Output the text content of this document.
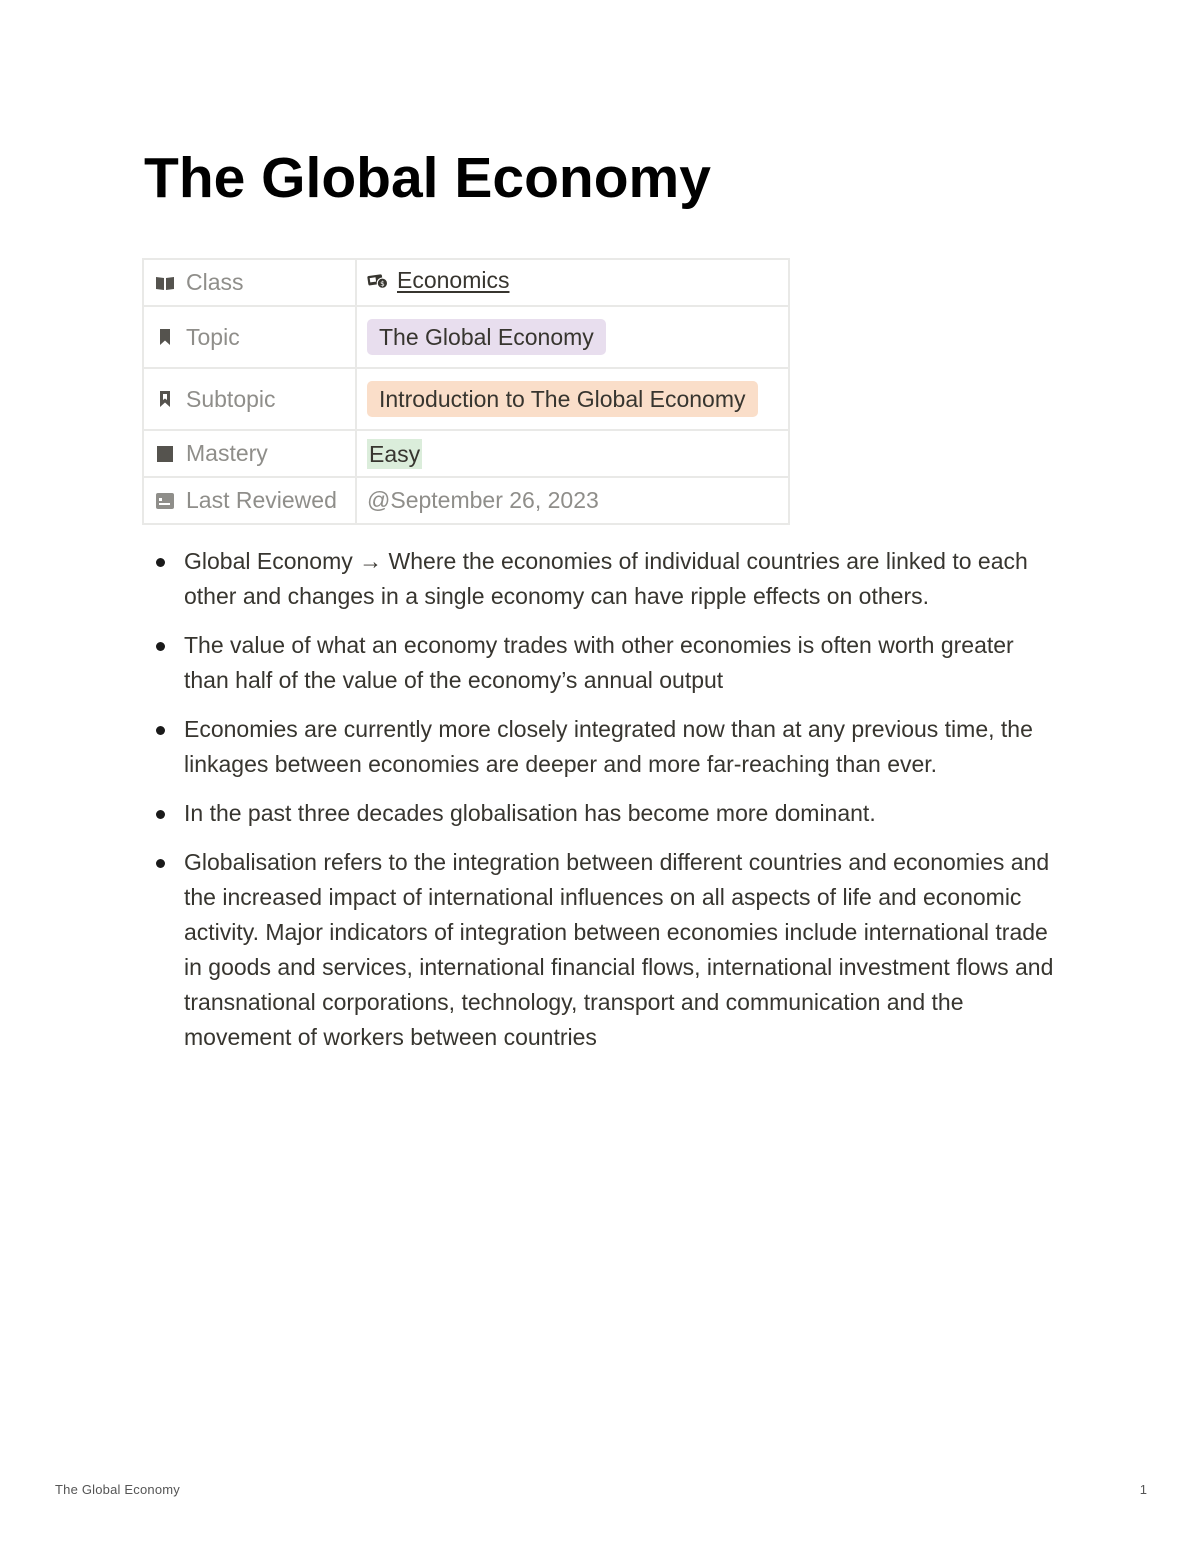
The Global Economy
Class	$ Economics

Topic	The Global Economy

Subtopic	Introduction to The Global Economy

Mastery	Easy

Last Reviewed	@September 26, 2023
Global Economy → Where the economies of individual countries are linked to each other and changes in a single economy can have ripple effects on others.
The value of what an economy trades with other economies is often worth greater than half of the value of the economy’s annual output
Economies are currently more closely integrated now than at any previous time, the linkages between economies are deeper and more far-reaching than ever.
In the past three decades globalisation has become more dominant.
Globalisation refers to the integration between different countries and economies and the increased impact of international influences on all aspects of life and economic activity. Major indicators of integration between economies include international trade in goods and services, international financial flows, international investment flows and transnational corporations, technology, transport and communication and the movement of workers between countries
The Global Economy	1
